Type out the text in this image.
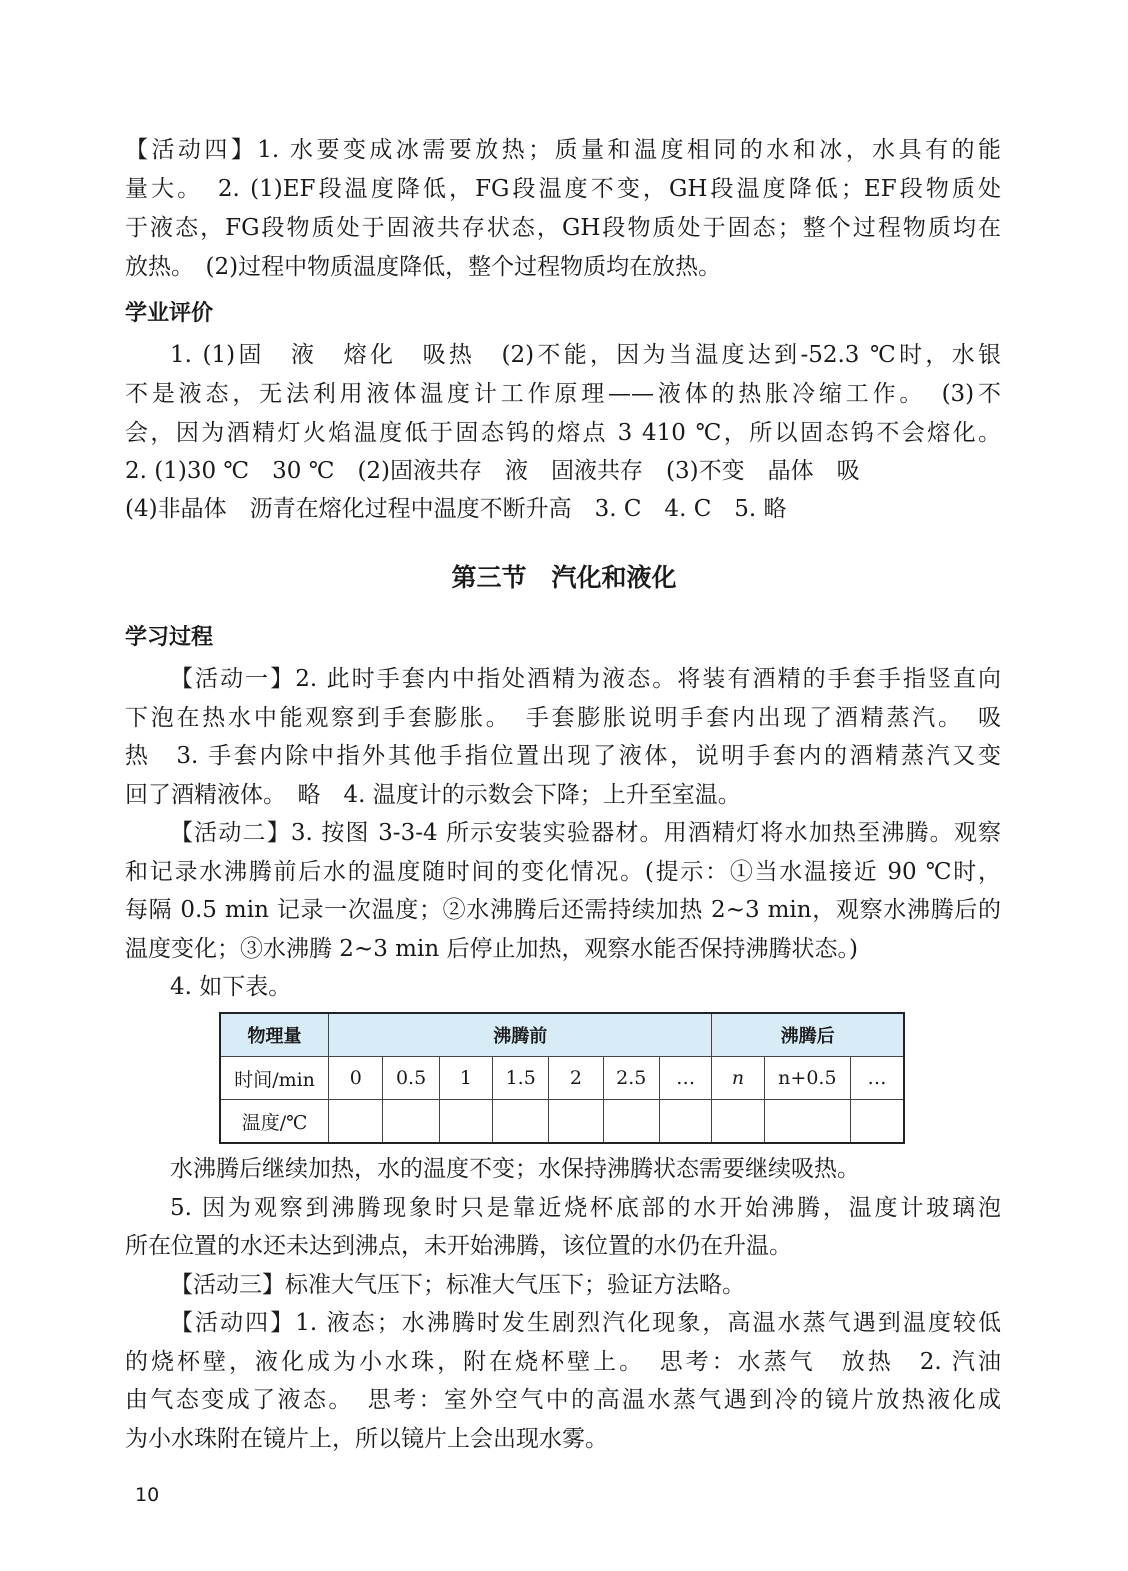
【活动四】1. 水要变成冰需要放热；质量和温度相同的水和冰，水具有的能
量大。　2. (1)EF段温度降低，FG段温度不变，GH段温度降低；EF段物质处
于液态，FG段物质处于固液共存状态，GH段物质处于固态；整个过程物质均在
放热。　(2)过程中物质温度降低，整个过程物质均在放热。
学业评价
1. (1)固　液　熔化　吸热　(2)不能，因为当温度达到-52.3 ℃时，水银
不是液态，无法利用液体温度计工作原理——液体的热胀冷缩工作。　(3)不
会，因为酒精灯火焰温度低于固态钨的熔点 3 410 ℃，所以固态钨不会熔化。
2. (1)30 ℃　30 ℃　(2)固液共存　液　固液共存　(3)不变　晶体　吸
(4)非晶体　沥青在熔化过程中温度不断升高　3. C　4. C　5. 略
第三节　汽化和液化
学习过程
【活动一】2. 此时手套内中指处酒精为液态。将装有酒精的手套手指竖直向
下泡在热水中能观察到手套膨胀。　手套膨胀说明手套内出现了酒精蒸汽。　吸
热　3. 手套内除中指外其他手指位置出现了液体，说明手套内的酒精蒸汽又变
回了酒精液体。　略　4. 温度计的示数会下降；上升至室温。
【活动二】3. 按图 3-3-4 所示安装实验器材。用酒精灯将水加热至沸腾。观察
和记录水沸腾前后水的温度随时间的变化情况。(提示：①当水温接近 90 ℃时，
每隔 0.5 min 记录一次温度；②水沸腾后还需持续加热 2~3 min，观察水沸腾后的
温度变化；③水沸腾 2~3 min 后停止加热，观察水能否保持沸腾状态。)
4. 如下表。
物理量	沸腾前							沸腾后		
时间/min	0	0.5	1	1.5	2	2.5	…	n	n+0.5	…
温度/℃										
水沸腾后继续加热，水的温度不变；水保持沸腾状态需要继续吸热。
5. 因为观察到沸腾现象时只是靠近烧杯底部的水开始沸腾，温度计玻璃泡
所在位置的水还未达到沸点，未开始沸腾，该位置的水仍在升温。
【活动三】标准大气压下；标准大气压下；验证方法略。
【活动四】1. 液态；水沸腾时发生剧烈汽化现象，高温水蒸气遇到温度较低
的烧杯壁，液化成为小水珠，附在烧杯壁上。　思考：水蒸气　放热　2. 汽油
由气态变成了液态。　思考：室外空气中的高温水蒸气遇到冷的镜片放热液化成
为小水珠附在镜片上，所以镜片上会出现水雾。
10
